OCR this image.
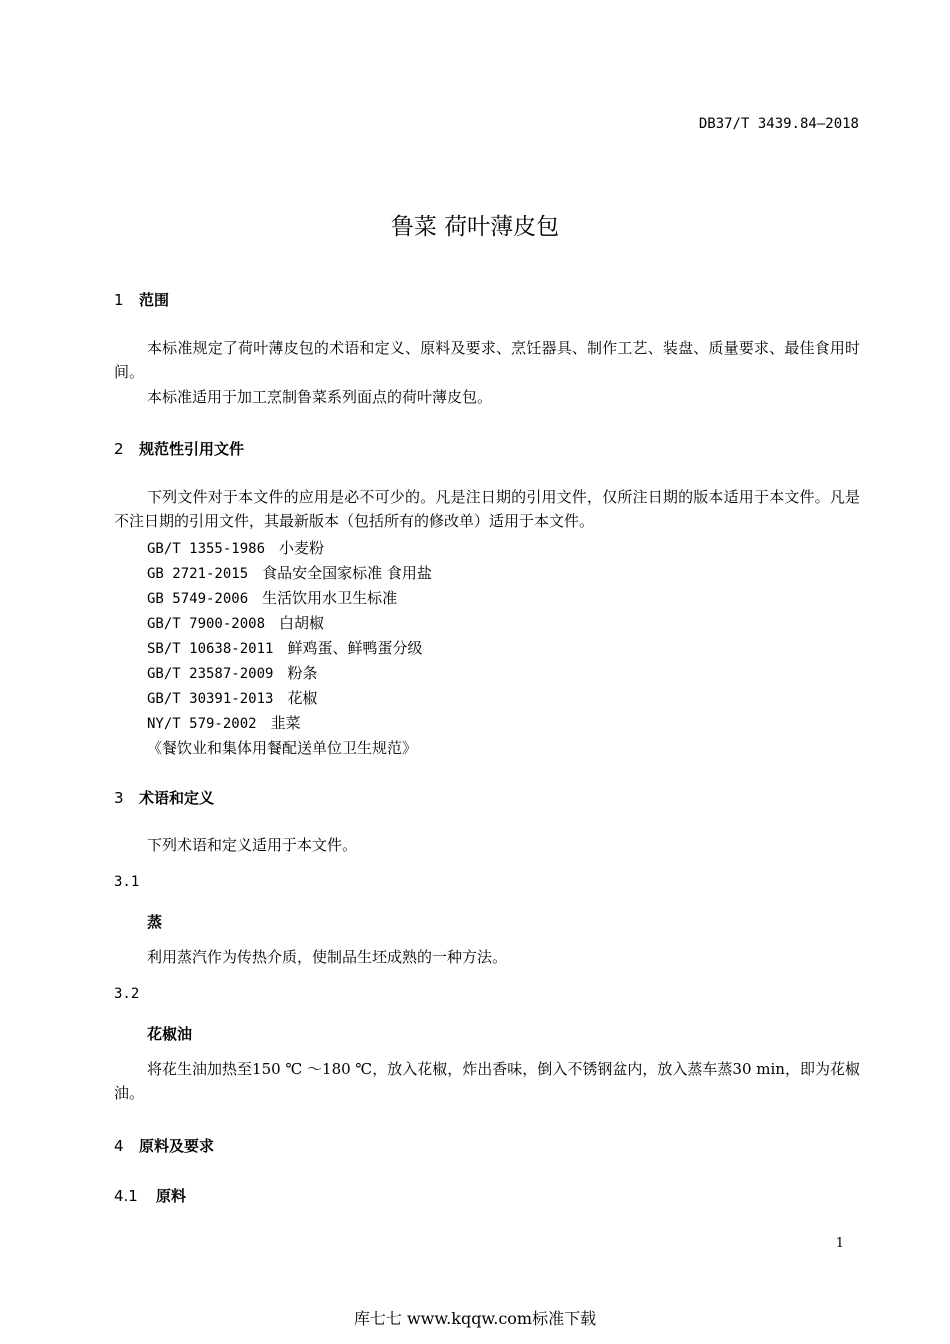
DB37/T 3439.84—2018
鲁菜 荷叶薄皮包
1 范围
本标准规定了荷叶薄皮包的术语和定义、原料及要求、烹饪器具、制作工艺、装盘、质量要求、最佳食用时间。
本标准适用于加工烹制鲁菜系列面点的荷叶薄皮包。
2 规范性引用文件
下列文件对于本文件的应用是必不可少的。凡是注日期的引用文件，仅所注日期的版本适用于本文件。凡是不注日期的引用文件，其最新版本（包括所有的修改单）适用于本文件。
GB/T 1355-1986 小麦粉
GB 2721-2015 食品安全国家标准 食用盐
GB 5749-2006 生活饮用水卫生标准
GB/T 7900-2008 白胡椒
SB/T 10638-2011 鲜鸡蛋、鲜鸭蛋分级
GB/T 23587-2009 粉条
GB/T 30391-2013 花椒
NY/T 579-2002 韭菜
《餐饮业和集体用餐配送单位卫生规范》
3 术语和定义
下列术语和定义适用于本文件。
3.1
蒸
利用蒸汽作为传热介质，使制品生坯成熟的一种方法。
3.2
花椒油
将花生油加热至150 ℃ ～180 ℃，放入花椒，炸出香味，倒入不锈钢盆内，放入蒸车蒸30 min，即为花椒油。
4 原料及要求
4.1 原料
1
库七七 www.kqqw.com标准下载
